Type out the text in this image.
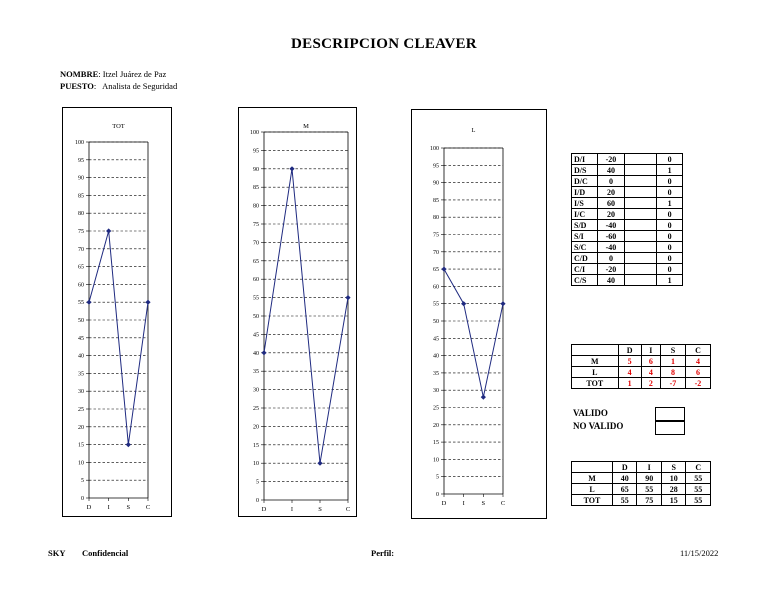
DESCRIPCION CLEAVER
NOMBRE: Itzel Juárez de Paz
PUESTO:   Analista de Seguridad
TOT
0
5
10
15
20
25
30
35
40
45
50
55
60
65
70
75
80
85
90
95
100
D I	S C
M
0
5
10
15
20
25
30
35
40
45
50
55
60
65
70
75
80
85
90
95
100
D	I	S	C
L
0
5
10
15
20
25
30
35
40
45
50
55
60
65
70
75
80
85
90
95
100
D I	S C
D/I	-20		0
D/S	40		1
D/C	0		0
I/D	20		0
I/S	60		1
I/C	20		0
S/D	-40		0
S/I	-60		0
S/C	-40		0
C/D	0		0
C/I	-20		0
C/S	40		1
	D	I	S	C
M	5	6	1	4
L	4	4	8	6
TOT	1	2	-7	-2
VALIDO
NO VALIDO
	D	I	S	C
M	40	90	10	55
L	65	55	28	55
TOT	55	75	15	55
SKY Confidencial	Perfil:	11/15/2022
